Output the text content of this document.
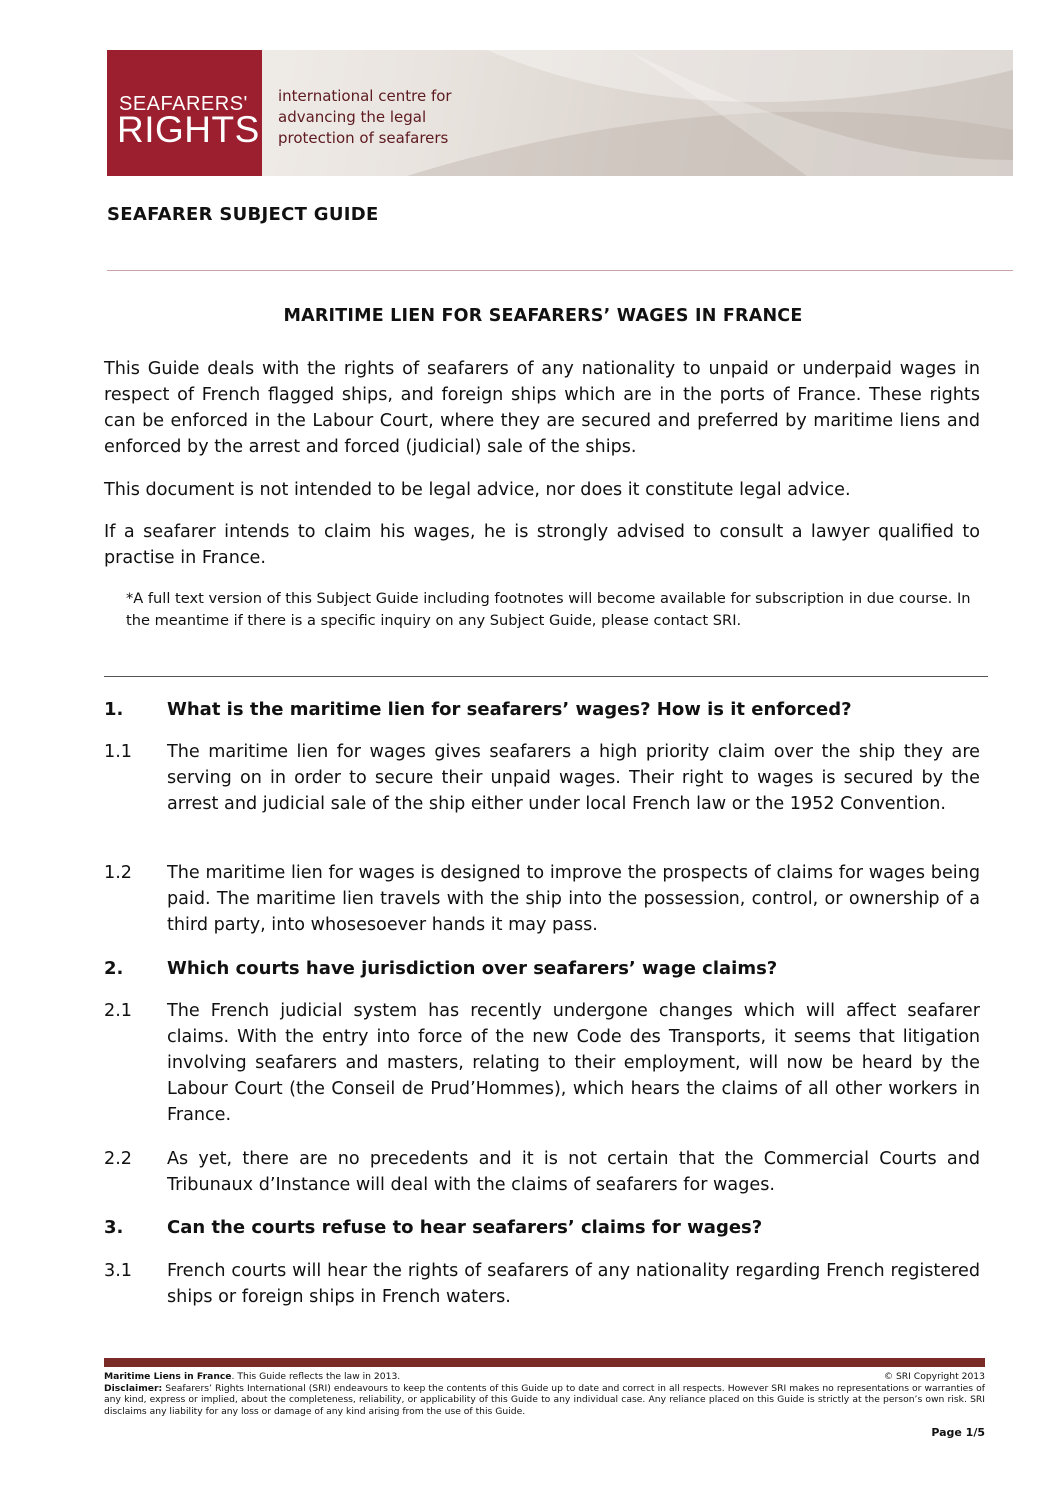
SEAFARERS'
RIGHTS
international centre for
advancing the legal
protection of seafarers
SEAFARER SUBJECT GUIDE
MARITIME LIEN FOR SEAFARERS’ WAGES IN FRANCE
This Guide deals with the rights of seafarers of any nationality to unpaid or underpaid wages in respect of French flagged ships, and foreign ships which are in the ports of France. These rights can be enforced in the Labour Court, where they are secured and preferred by maritime liens and enforced by the arrest and forced (judicial) sale of the ships.
This document is not intended to be legal advice, nor does it constitute legal advice.
If a seafarer intends to claim his wages, he is strongly advised to consult a lawyer qualified to practise in France.
*A full text version of this Subject Guide including footnotes will become available for subscription in due course. In the meantime if there is a specific inquiry on any Subject Guide, please contact SRI.
1. What is the maritime lien for seafarers’ wages? How is it enforced?
1.1 The maritime lien for wages gives seafarers a high priority claim over the ship they are serving on in order to secure their unpaid wages. Their right to wages is secured by the arrest and judicial sale of the ship either under local French law or the 1952 Convention.
1.2 The maritime lien for wages is designed to improve the prospects of claims for wages being paid. The maritime lien travels with the ship into the possession, control, or ownership of a third party, into whosesoever hands it may pass.
2. Which courts have jurisdiction over seafarers’ wage claims?
2.1 The French judicial system has recently undergone changes which will affect seafarer claims. With the entry into force of the new Code des Transports, it seems that litigation involving seafarers and masters, relating to their employment, will now be heard by the Labour Court (the Conseil de Prud’Hommes), which hears the claims of all other workers in France.
2.2 As yet, there are no precedents and it is not certain that the Commercial Courts and Tribunaux d’Instance will deal with the claims of seafarers for wages.
3. Can the courts refuse to hear seafarers’ claims for wages?
3.1 French courts will hear the rights of seafarers of any nationality regarding French registered ships or foreign ships in French waters.
Maritime Liens in France. This Guide reflects the law in 2013.	© SRI Copyright 2013
Disclaimer: Seafarers’ Rights International (SRI) endeavours to keep the contents of this Guide up to date and correct in all respects. However SRI makes no representations or warranties of any kind, express or implied, about the completeness, reliability, or applicability of this Guide to any individual case. Any reliance placed on this Guide is strictly at the person’s own risk. SRI disclaims any liability for any loss or damage of any kind arising from the use of this Guide.
Page 1/5
